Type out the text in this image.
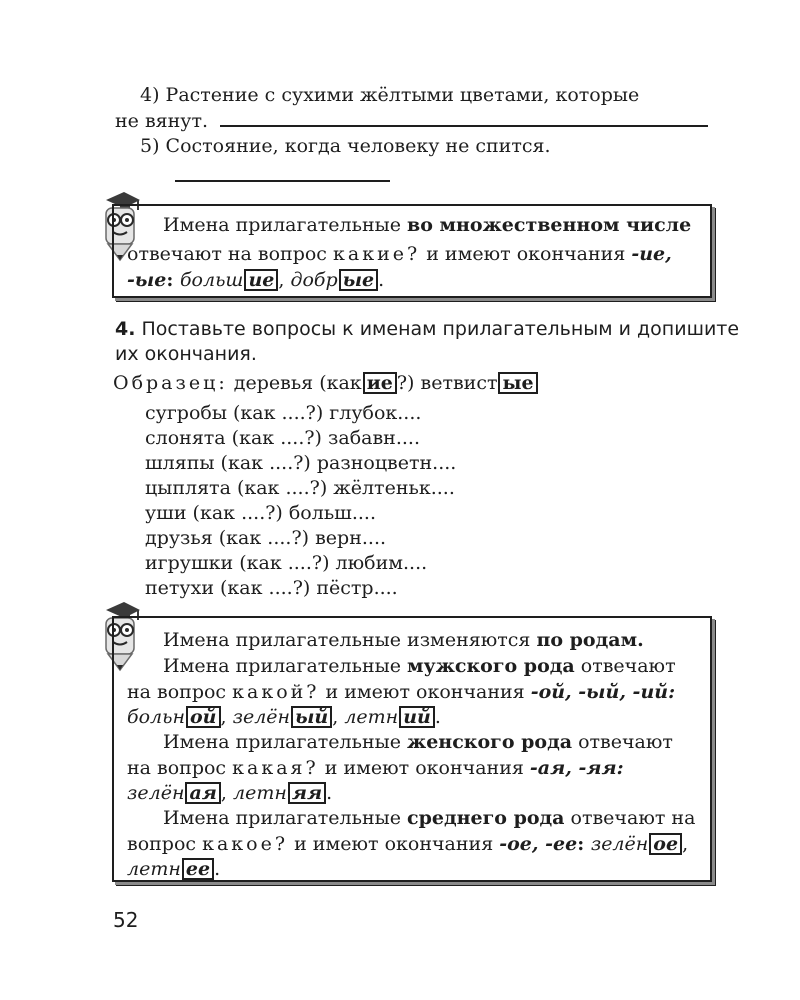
4) Растение с сухими жёлтыми цветами, которые
не вянут.
5) Состояние, когда человеку не спится.
Имена прилагательные во множественном числе
отвечают на вопрос какие? и имеют окончания -ие,
-ые: больш ие , добр ые .
4. Поставьте вопросы к именам прилагательным и допишите
их окончания.
Образец: деревья (как ие ?) ветвист ые
сугробы (как ....?) глубок....
слонята (как ....?) забавн....
шляпы (как ....?) разноцветн....
цыплята (как ....?) жёлтеньк....
уши (как ....?) больш....
друзья (как ....?) верн....
игрушки (как ....?) любим....
петухи (как ....?) пёстр....
Имена прилагательные изменяются по родам.
Имена прилагательные мужского рода отвечают
на вопрос какой? и имеют окончания -ой, -ый, -ий:
больн ой , зелён ый , летн ий .
Имена прилагательные женского рода отвечают
на вопрос какая? и имеют окончания -ая, -яя:
зелён ая , летн яя .
Имена прилагательные среднего рода отвечают на
вопрос какое? и имеют окончания -ое, -ее: зелён ое ,
летн ее .
52
